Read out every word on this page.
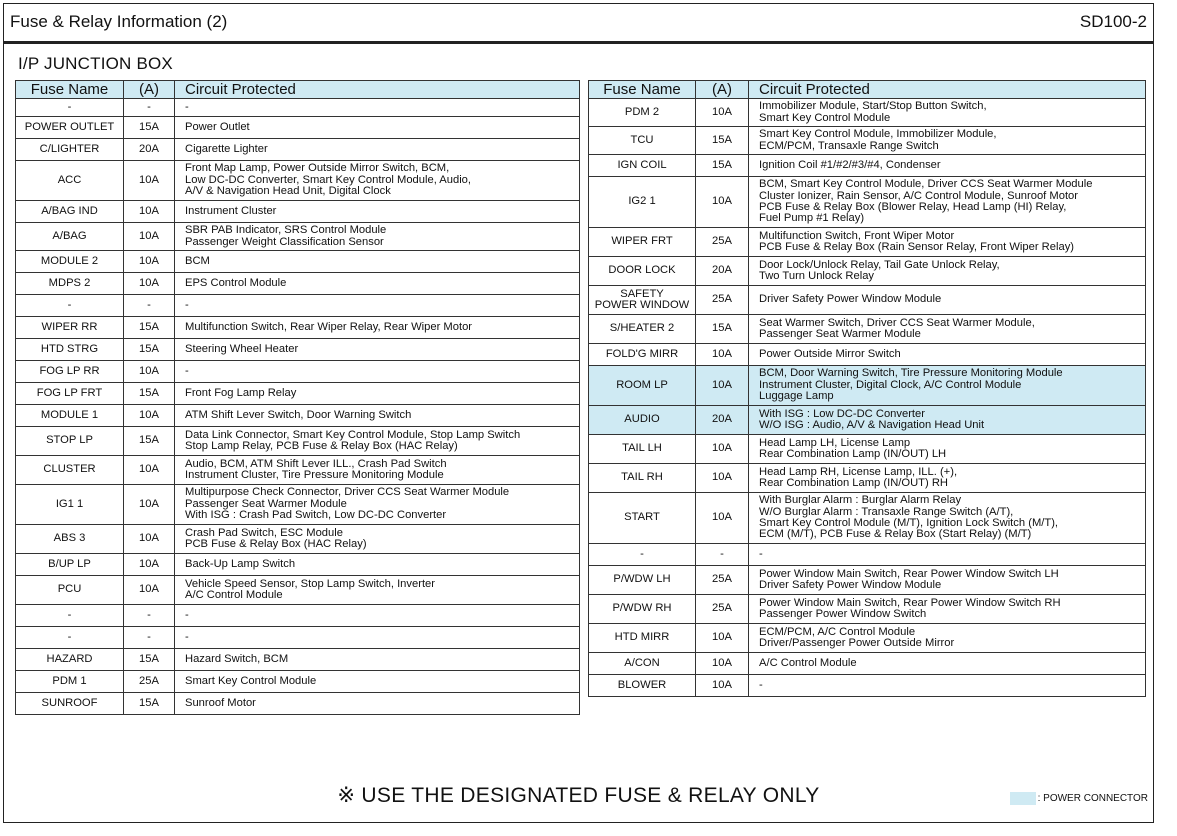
Fuse & Relay Information (2)	SD100-2
I/P JUNCTION BOX
Fuse Name	(A)	Circuit Protected
-	-	-
POWER OUTLET	15A	Power Outlet
C/LIGHTER	20A	Cigarette Lighter
ACC	10A	Front Map Lamp, Power Outside Mirror Switch, BCM,
Low DC-DC Converter, Smart Key Control Module, Audio,
A/V & Navigation Head Unit, Digital Clock
A/BAG IND	10A	Instrument Cluster
A/BAG	10A	SBR PAB Indicator, SRS Control Module
Passenger Weight Classification Sensor
MODULE 2	10A	BCM
MDPS 2	10A	EPS Control Module
-	-	-
WIPER RR	15A	Multifunction Switch, Rear Wiper Relay, Rear Wiper Motor
HTD STRG	15A	Steering Wheel Heater
FOG LP RR	10A	-
FOG LP FRT	15A	Front Fog Lamp Relay
MODULE 1	10A	ATM Shift Lever Switch, Door Warning Switch
STOP LP	15A	Data Link Connector, Smart Key Control Module, Stop Lamp Switch
Stop Lamp Relay, PCB Fuse & Relay Box (HAC Relay)
CLUSTER	10A	Audio, BCM, ATM Shift Lever ILL., Crash Pad Switch
Instrument Cluster, Tire Pressure Monitoring Module
IG1 1	10A	Multipurpose Check Connector, Driver CCS Seat Warmer Module
Passenger Seat Warmer Module
With ISG : Crash Pad Switch, Low DC-DC Converter
ABS 3	10A	Crash Pad Switch, ESC Module
PCB Fuse & Relay Box (HAC Relay)
B/UP LP	10A	Back-Up Lamp Switch
PCU	10A	Vehicle Speed Sensor, Stop Lamp Switch, Inverter
A/C Control Module
-	-	-
-	-	-
HAZARD	15A	Hazard Switch, BCM
PDM 1	25A	Smart Key Control Module
SUNROOF	15A	Sunroof Motor
Fuse Name	(A)	Circuit Protected
PDM 2	10A	Immobilizer Module, Start/Stop Button Switch,
Smart Key Control Module
TCU	15A	Smart Key Control Module, Immobilizer Module,
ECM/PCM, Transaxle Range Switch
IGN COIL	15A	Ignition Coil #1/#2/#3/#4, Condenser
IG2 1	10A	BCM, Smart Key Control Module, Driver CCS Seat Warmer Module
Cluster Ionizer, Rain Sensor, A/C Control Module, Sunroof Motor
PCB Fuse & Relay Box (Blower Relay, Head Lamp (HI) Relay,
Fuel Pump #1 Relay)
WIPER FRT	25A	Multifunction Switch, Front Wiper Motor
PCB Fuse & Relay Box (Rain Sensor Relay, Front Wiper Relay)
DOOR LOCK	20A	Door Lock/Unlock Relay, Tail Gate Unlock Relay,
Two Turn Unlock Relay
SAFETY
POWER WINDOW	25A	Driver Safety Power Window Module
S/HEATER 2	15A	Seat Warmer Switch, Driver CCS Seat Warmer Module,
Passenger Seat Warmer Module
FOLD'G MIRR	10A	Power Outside Mirror Switch
ROOM LP	10A	BCM, Door Warning Switch, Tire Pressure Monitoring Module
Instrument Cluster, Digital Clock, A/C Control Module
Luggage Lamp
AUDIO	20A	With ISG : Low DC-DC Converter
W/O ISG : Audio, A/V & Navigation Head Unit
TAIL LH	10A	Head Lamp LH, License Lamp
Rear Combination Lamp (IN/OUT) LH
TAIL RH	10A	Head Lamp RH, License Lamp, ILL. (+),
Rear Combination Lamp (IN/OUT) RH
START	10A	With Burglar Alarm : Burglar Alarm Relay
W/O Burglar Alarm : Transaxle Range Switch (A/T),
Smart Key Control Module (M/T), Ignition Lock Switch (M/T),
ECM (M/T), PCB Fuse & Relay Box (Start Relay) (M/T)
-	-	-
P/WDW LH	25A	Power Window Main Switch, Rear Power Window Switch LH
Driver Safety Power Window Module
P/WDW RH	25A	Power Window Main Switch, Rear Power Window Switch RH
Passenger Power Window Switch
HTD MIRR	10A	ECM/PCM, A/C Control Module
Driver/Passenger Power Outside Mirror
A/CON	10A	A/C Control Module
BLOWER	10A	-
※ USE THE DESIGNATED FUSE & RELAY ONLY	: POWER CONNECTOR
